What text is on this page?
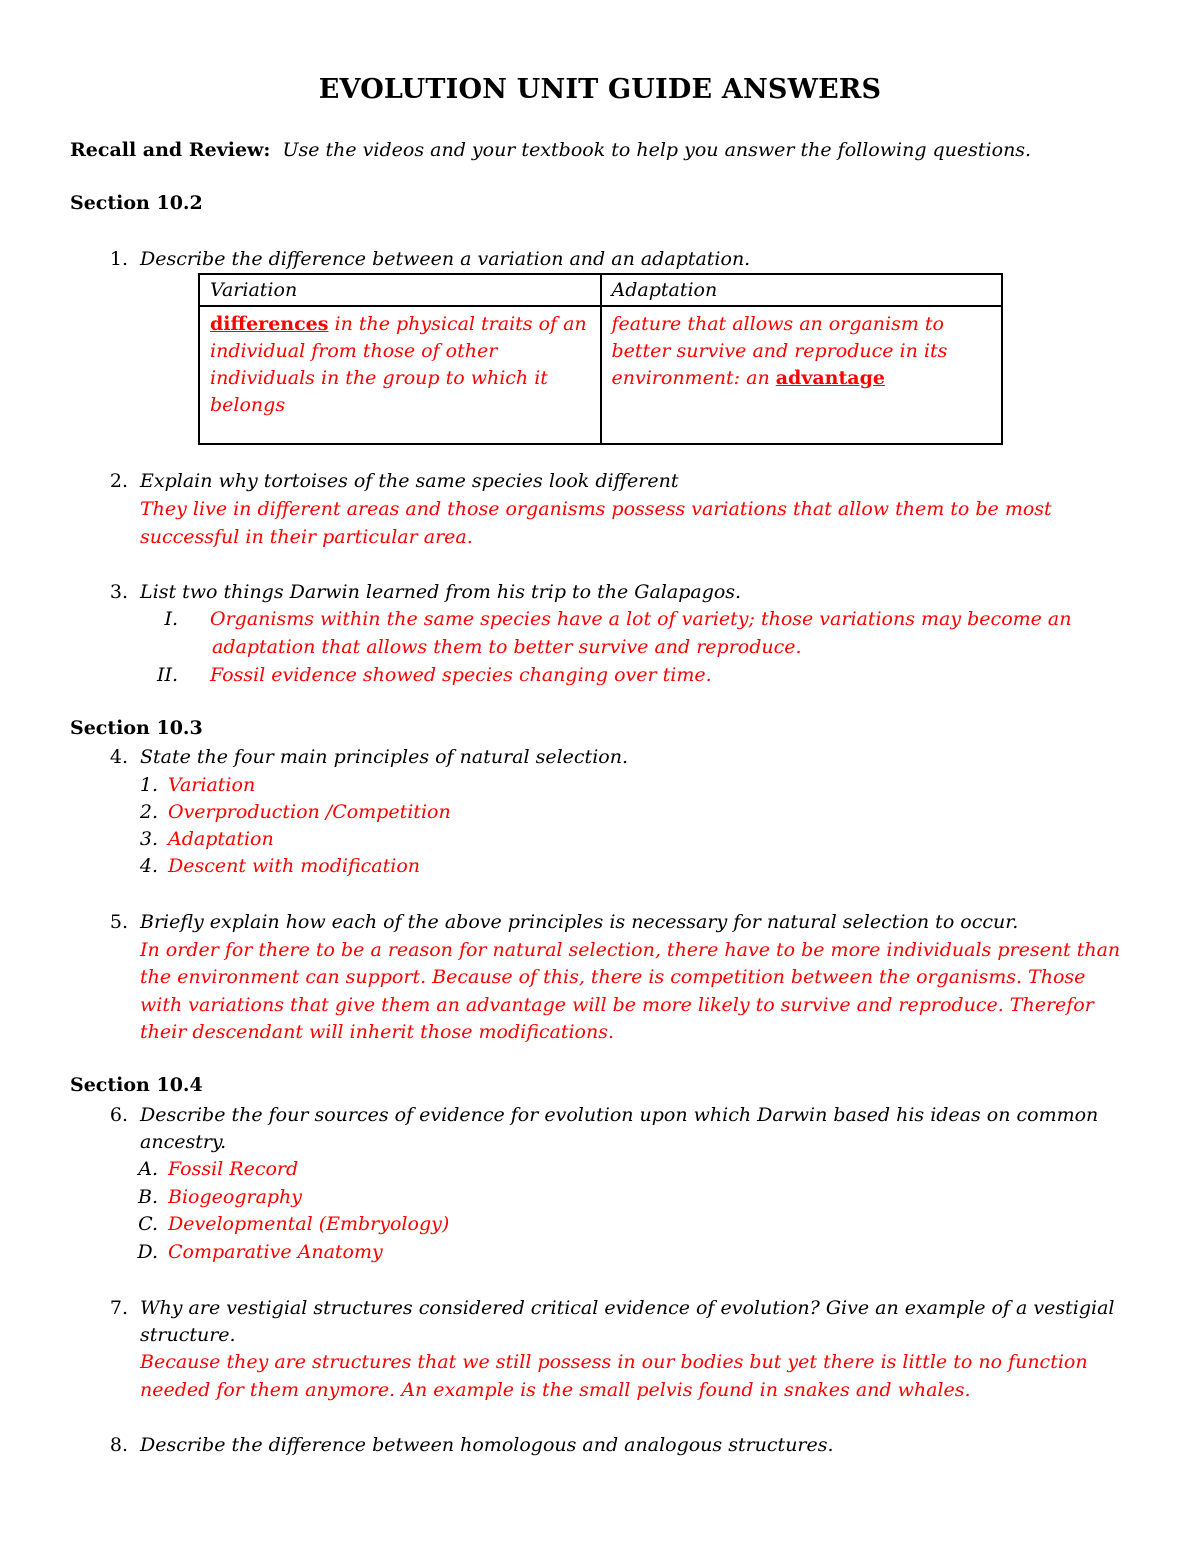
EVOLUTION UNIT GUIDE ANSWERS
Recall and Review: Use the videos and your textbook to help you answer the following questions.
Section 10.2
1. Describe the difference between a variation and an adaptation.
Variation	Adaptation
differences in the physical traits of an individual from those of other individuals in the group to which it belongs	feature that allows an organism to better survive and reproduce in its environment: an advantage
2. Explain why tortoises of the same species look different
They live in different areas and those organisms possess variations that allow them to be most
successful in their particular area.
3. List two things Darwin learned from his trip to the Galapagos.
I. Organisms within the same species have a lot of variety; those variations may become an
adaptation that allows them to better survive and reproduce.
II. Fossil evidence showed species changing over time.
Section 10.3
4. State the four main principles of natural selection.
1. Variation
2. Overproduction /Competition
3. Adaptation
4. Descent with modification
5. Briefly explain how each of the above principles is necessary for natural selection to occur.
In order for there to be a reason for natural selection, there have to be more individuals present than
the environment can support. Because of this, there is competition between the organisms. Those
with variations that give them an advantage will be more likely to survive and reproduce. Therefor
their descendant will inherit those modifications.
Section 10.4
6. Describe the four sources of evidence for evolution upon which Darwin based his ideas on common
ancestry.
A. Fossil Record
B. Biogeography
C. Developmental (Embryology)
D. Comparative Anatomy
7. Why are vestigial structures considered critical evidence of evolution? Give an example of a vestigial
structure.
Because they are structures that we still possess in our bodies but yet there is little to no function
needed for them anymore. An example is the small pelvis found in snakes and whales.
8. Describe the difference between homologous and analogous structures.
